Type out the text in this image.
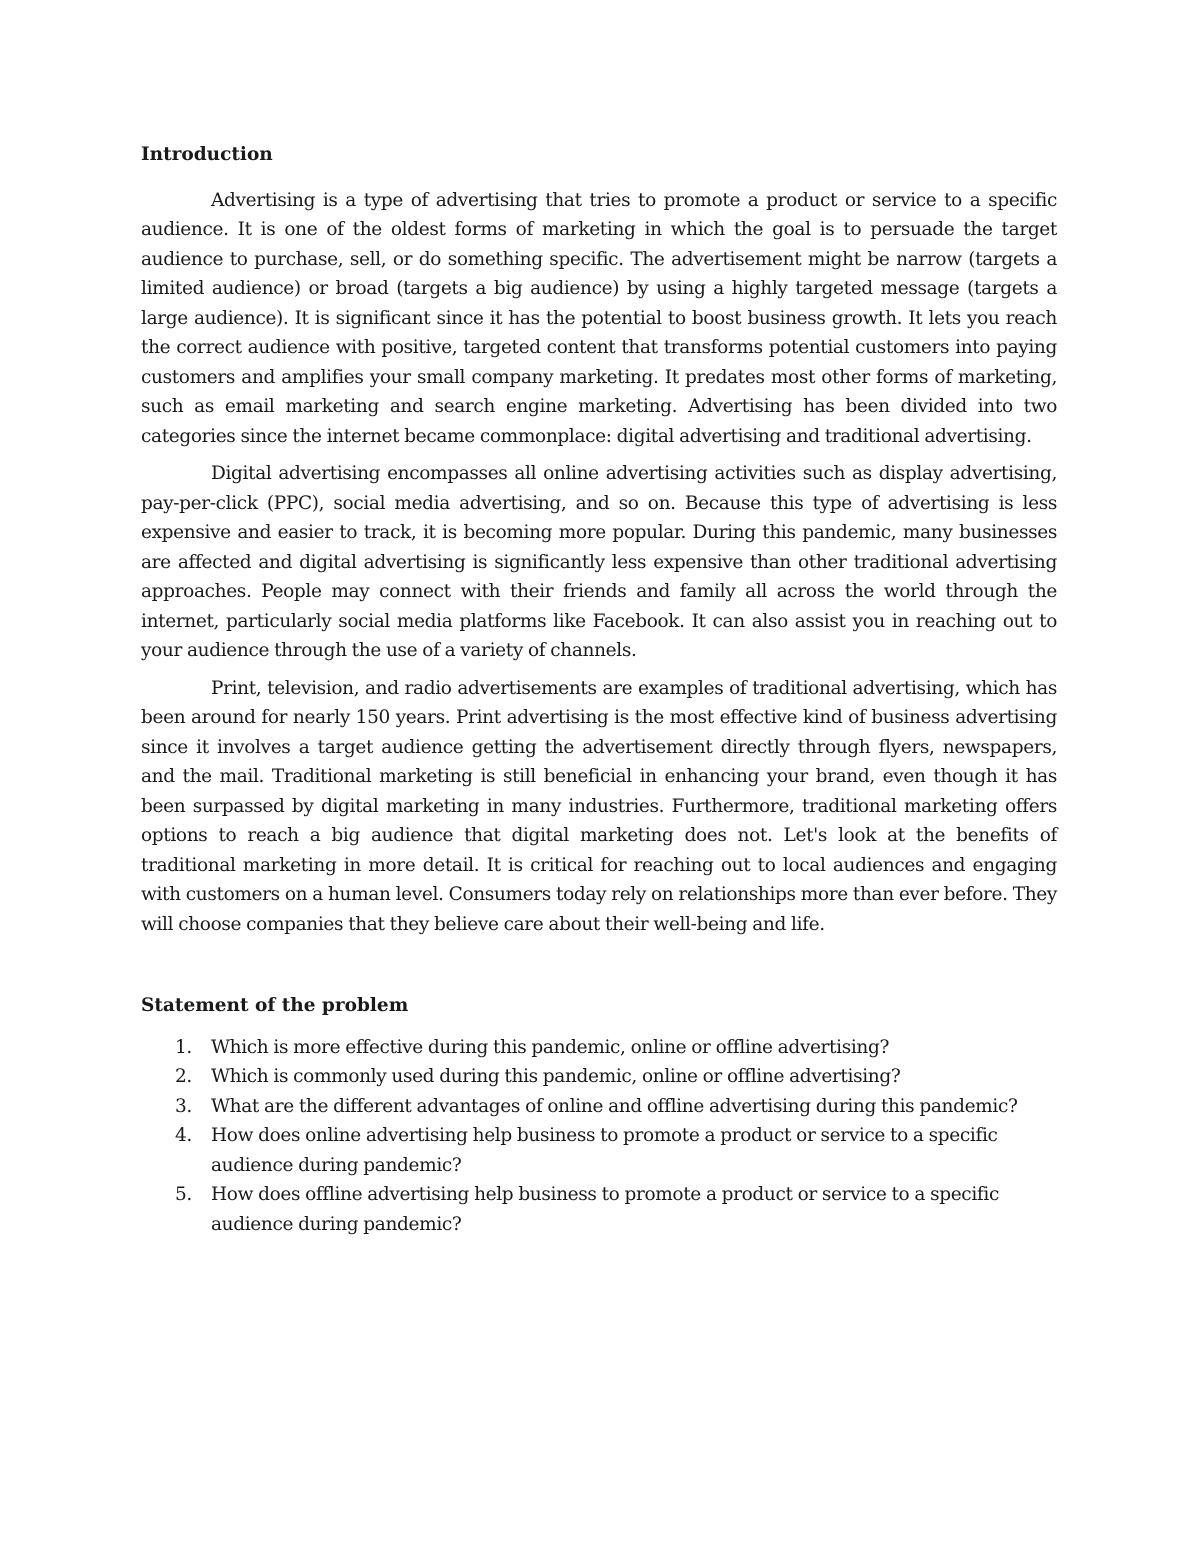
Introduction

Advertising is a type of advertising that tries to promote a product or service to a specific audience. It is one of the oldest forms of marketing in which the goal is to persuade the target audience to purchase, sell, or do something specific. The advertisement might be narrow (targets a limited audience) or broad (targets a big audience) by using a highly targeted message (targets a large audience). It is significant since it has the potential to boost business growth. It lets you reach the correct audience with positive, targeted content that transforms potential customers into paying customers and amplifies your small company marketing. It predates most other forms of marketing, such as email marketing and search engine marketing. Advertising has been divided into two categories since the internet became commonplace: digital advertising and traditional advertising.

Digital advertising encompasses all online advertising activities such as display advertising, pay-per-click (PPC), social media advertising, and so on. Because this type of advertising is less expensive and easier to track, it is becoming more popular. During this pandemic, many businesses are affected and digital advertising is significantly less expensive than other traditional advertising approaches. People may connect with their friends and family all across the world through the internet, particularly social media platforms like Facebook. It can also assist you in reaching out to your audience through the use of a variety of channels.

Print, television, and radio advertisements are examples of traditional advertising, which has been around for nearly 150 years. Print advertising is the most effective kind of business advertising since it involves a target audience getting the advertisement directly through flyers, newspapers, and the mail. Traditional marketing is still beneficial in enhancing your brand, even though it has been surpassed by digital marketing in many industries. Furthermore, traditional marketing offers options to reach a big audience that digital marketing does not. Let's look at the benefits of traditional marketing in more detail. It is critical for reaching out to local audiences and engaging with customers on a human level. Consumers today rely on relationships more than ever before. They will choose companies that they believe care about their well-being and life.

Statement of the problem
1. Which is more effective during this pandemic, online or offline advertising?
2. Which is commonly used during this pandemic, online or offline advertising?
3. What are the different advantages of online and offline advertising during this pandemic?
4. How does online advertising help business to promote a product or service to a specific audience during pandemic?
5. How does offline advertising help business to promote a product or service to a specific audience during pandemic?
